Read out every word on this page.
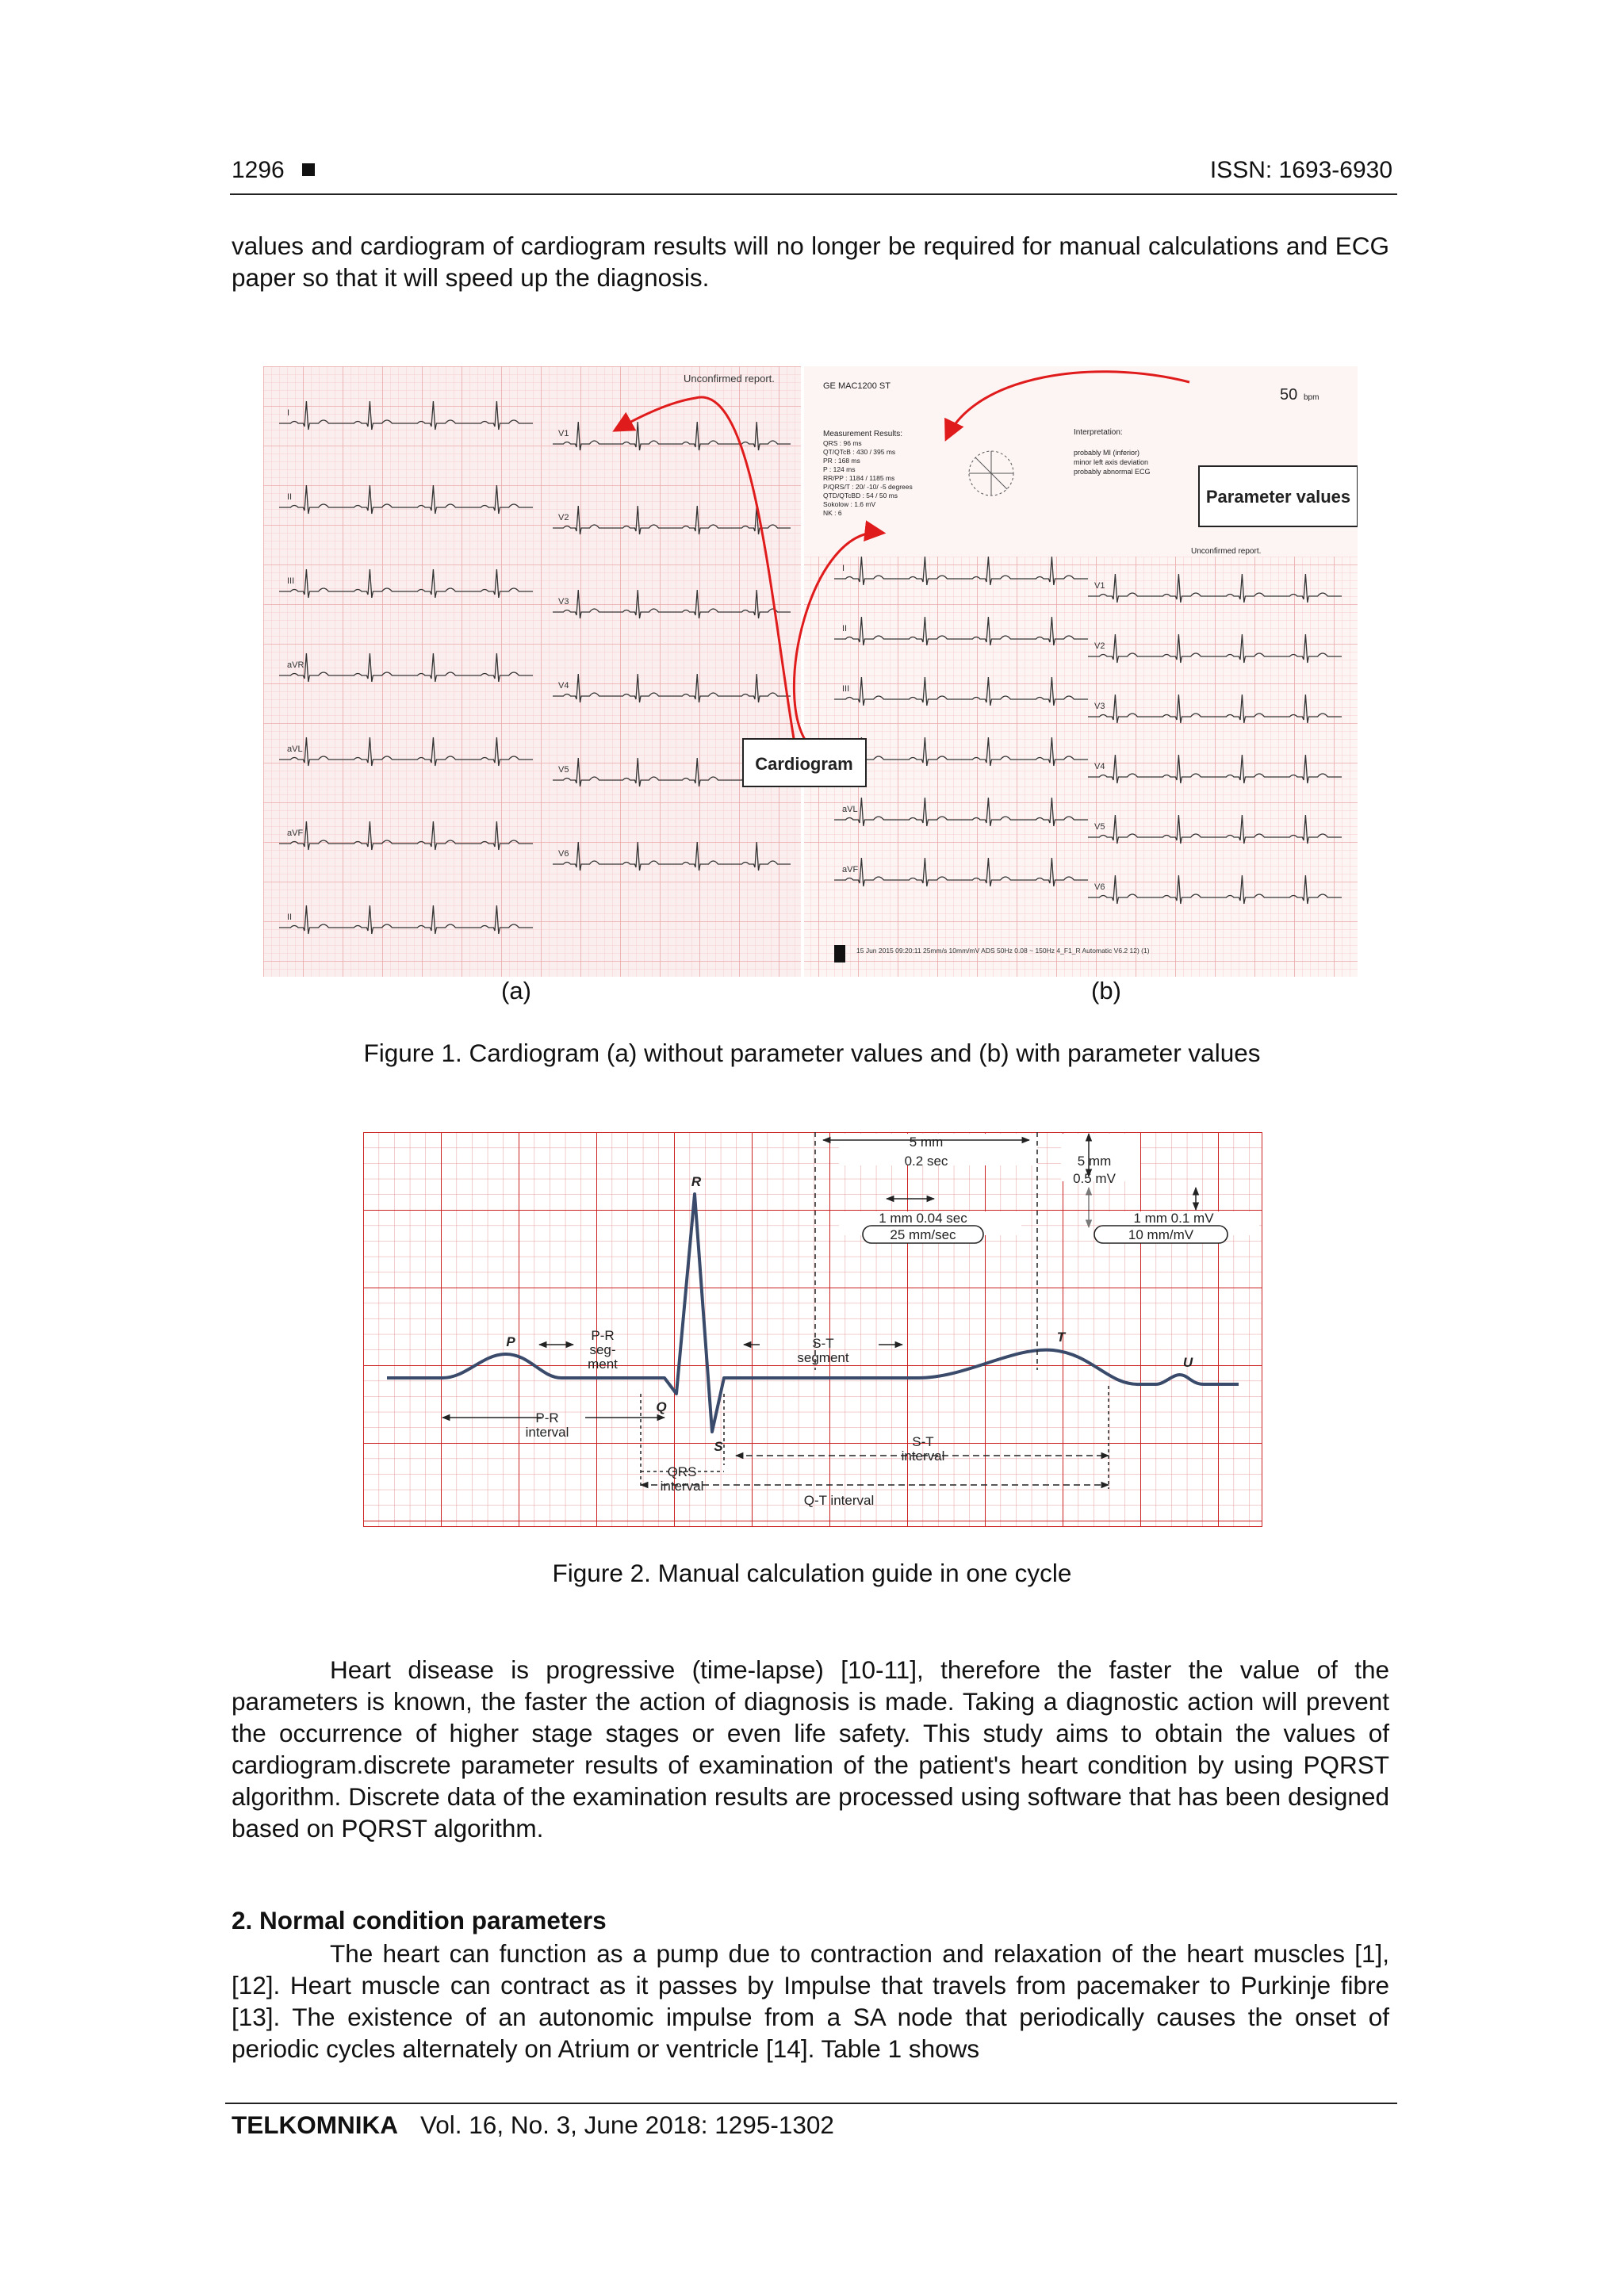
1296	ISSN: 1693-6930
values and cardiogram of cardiogram results will no longer be required for manual calculations and ECG paper so that it will speed up the diagnosis.
Unconfirmed report.
I
II
III
aVR
aVL
aVF
II
V1
V2
V3
V4
V5
V6
GE MAC1200 ST	50 bpm
Measurement Results:
QRS : 96 ms
QT/QTcB : 430 / 395 ms
PR : 168 ms
P : 124 ms
RR/PP : 1184 / 1185 ms
P/QRS/T : 20/ -10/ -5 degrees
QTD/QTcBD : 54 / 50 ms
Sokolow : 1.6 mV
NK : 6
Interpretation:
probably MI (inferior)
minor left axis deviation
probably abnormal ECG
Unconfirmed report.
I
II
III
aVL
aVF
V1
V2
V3
V4
V5
V6
15 Jun 2015 09:20:11 25mm/s 10mm/mV ADS 50Hz 0.08 ~ 150Hz 4_F1_R Automatic V6.2 12) (1)
Cardiogram
Parameter values
(a)	(b)
Figure 1. Cardiogram (a) without parameter values and (b) with parameter values
25 mm/sec	10 mm/mV
5 mm
0.2 sec	5 mm
0.5 mV
1 mm 0.04 sec	1 mm 0.1 mV
R
P
Q
S
T
U
P-R
seg-
ment
S-T
segment
P-R
interval
S-T
interval
QRS
interval
Q-T interval
Figure 2. Manual calculation guide in one cycle
Heart disease is progressive (time-lapse) [10-11], therefore the faster the value of the parameters is known, the faster the action of diagnosis is made. Taking a diagnostic action will prevent the occurrence of higher stage stages or even life safety. This study aims to obtain the values of cardiogram.discrete parameter results of examination of the patient's heart condition by using PQRST algorithm. Discrete data of the examination results are processed using software that has been designed based on PQRST algorithm.
2. Normal condition parameters
The heart can function as a pump due to contraction and relaxation of the heart muscles [1],[12]. Heart muscle can contract as it passes by Impulse that travels from pacemaker to Purkinje fibre [13]. The existence of an autonomic impulse from a SA node that periodically causes the onset of periodic cycles alternately on Atrium or ventricle [14]. Table 1 shows
TELKOMNIKA Vol. 16, No. 3, June 2018: 1295-1302
